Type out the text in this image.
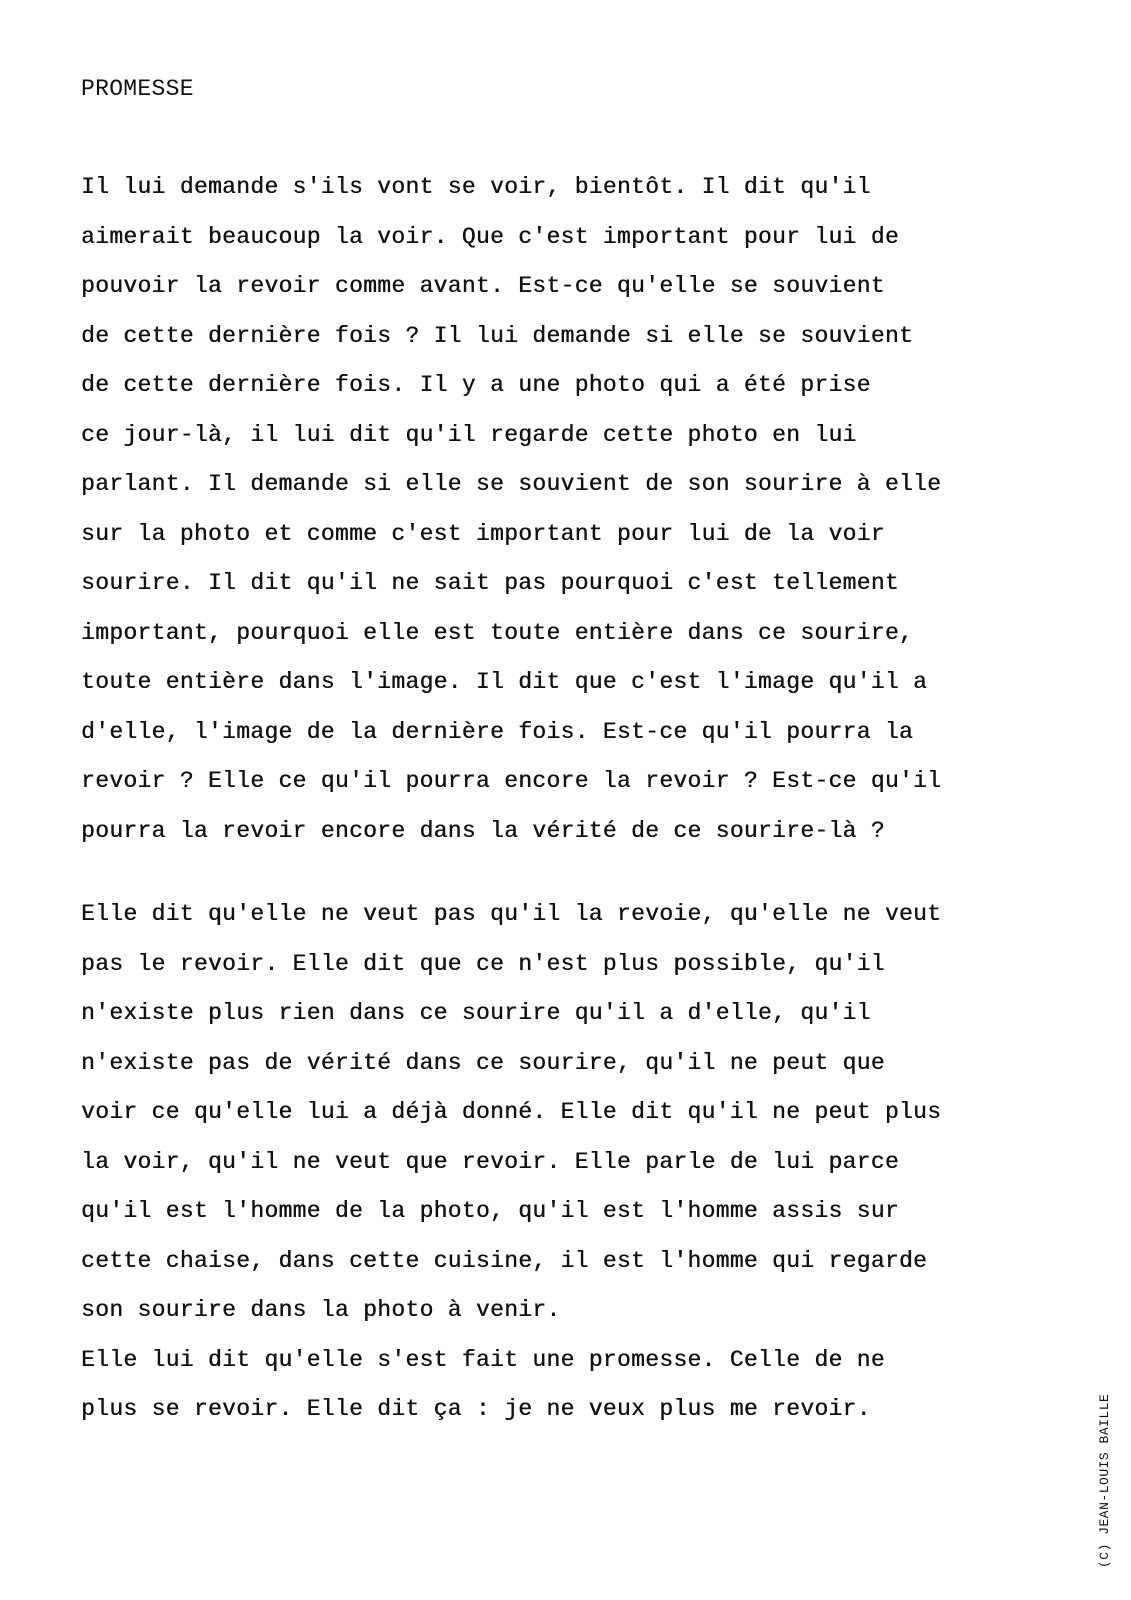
PROMESSE
Il lui demande s'ils vont se voir, bientôt. Il dit qu'il
aimerait beaucoup la voir. Que c'est important pour lui de
pouvoir la revoir comme avant. Est-ce qu'elle se souvient
de cette dernière fois ? Il lui demande si elle se souvient
de cette dernière fois. Il y a une photo qui a été prise
ce jour-là, il lui dit qu'il regarde cette photo en lui
parlant. Il demande si elle se souvient de son sourire à elle
sur la photo et comme c'est important pour lui de la voir
sourire. Il dit qu'il ne sait pas pourquoi c'est tellement
important, pourquoi elle est toute entière dans ce sourire,
toute entière dans l'image. Il dit que c'est l'image qu'il a
d'elle, l'image de la dernière fois. Est-ce qu'il pourra la
revoir ? Elle ce qu'il pourra encore la revoir ? Est-ce qu'il
pourra la revoir encore dans la vérité de ce sourire-là ?
Elle dit qu'elle ne veut pas qu'il la revoie, qu'elle ne veut
pas le revoir. Elle dit que ce n'est plus possible, qu'il
n'existe plus rien dans ce sourire qu'il a d'elle, qu'il
n'existe pas de vérité dans ce sourire, qu'il ne peut que
voir ce qu'elle lui a déjà donné. Elle dit qu'il ne peut plus
la voir, qu'il ne veut que revoir. Elle parle de lui parce
qu'il est l'homme de la photo, qu'il est l'homme assis sur
cette chaise, dans cette cuisine, il est l'homme qui regarde
son sourire dans la photo à venir.
Elle lui dit qu'elle s'est fait une promesse. Celle de ne
plus se revoir. Elle dit ça : je ne veux plus me revoir.	(C) JEAN-LOUIS BAILLE
